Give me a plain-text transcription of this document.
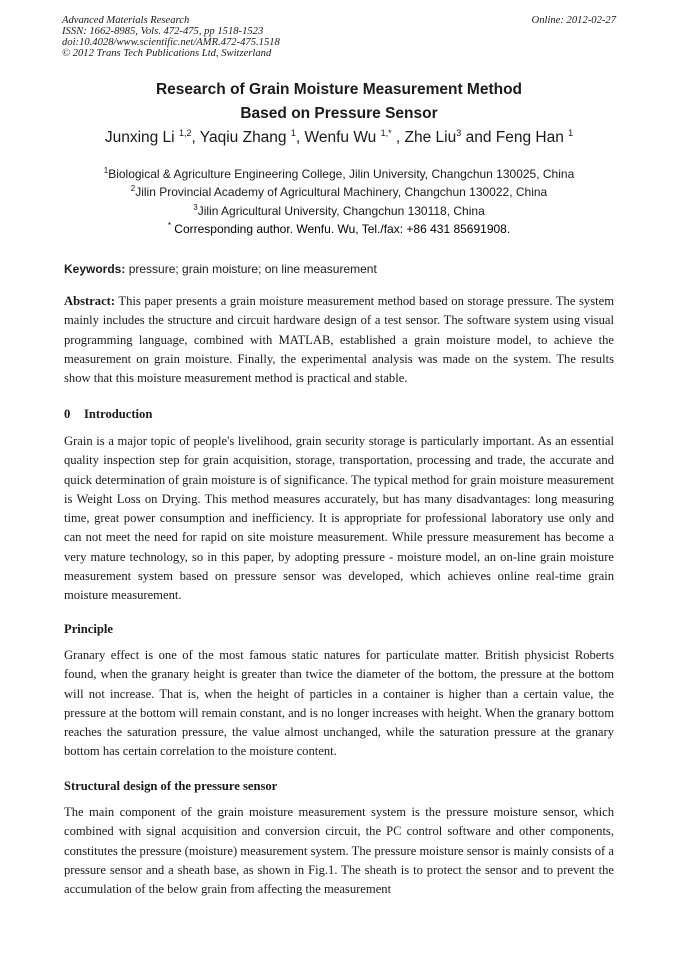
Advanced Materials Research
ISSN: 1662-8985, Vols. 472-475, pp 1518-1523
doi:10.4028/www.scientific.net/AMR.472-475.1518
© 2012 Trans Tech Publications Ltd, Switzerland
Online: 2012-02-27
Research of Grain Moisture Measurement Method
Based on Pressure Sensor
Junxing Li $^{1,2}$, Yaqiu Zhang $^1$, Wenfu Wu $^{1,*}$ , Zhe Liu$^3$ and Feng Han $^1$
$^1$Biological & Agriculture Engineering College, Jilin University, Changchun 130025, China
$^2$Jilin Provincial Academy of Agricultural Machinery, Changchun 130022, China
$^3$Jilin Agricultural University, Changchun 130118, China
* Corresponding author. Wenfu. Wu, Tel./fax: +86 431 85691908.
Keywords: pressure; grain moisture; on line measurement
Abstract: This paper presents a grain moisture measurement method based on storage pressure. The system mainly includes the structure and circuit hardware design of a test sensor. The software system using visual programming language, combined with MATLAB, established a grain moisture model, to achieve the measurement on grain moisture. Finally, the experimental analysis was made on the system. The results show that this moisture measurement method is practical and stable.
0 Introduction
Grain is a major topic of people's livelihood, grain security storage is particularly important. As an essential quality inspection step for grain acquisition, storage, transportation, processing and trade, the accurate and quick determination of grain moisture is of significance. The typical method for grain moisture measurement is Weight Loss on Drying. This method measures accurately, but has many disadvantages: long measuring time, great power consumption and inefficiency. It is appropriate for professional laboratory use only and can not meet the need for rapid on site moisture measurement. While pressure measurement has become a very mature technology, so in this paper, by adopting pressure - moisture model, an on-line grain moisture measurement system based on pressure sensor was developed, which achieves online real-time grain moisture measurement.
Principle
Granary effect is one of the most famous static natures for particulate matter. British physicist Roberts found, when the granary height is greater than twice the diameter of the bottom, the pressure at the bottom will not increase. That is, when the height of particles in a container is higher than a certain value, the pressure at the bottom will remain constant, and is no longer increases with height. When the granary bottom reaches the saturation pressure, the value almost unchanged, while the saturation pressure at the granary bottom has certain correlation to the moisture content.
Structural design of the pressure sensor
The main component of the grain moisture measurement system is the pressure moisture sensor, which combined with signal acquisition and conversion circuit, the PC control software and other components, constitutes the pressure (moisture) measurement system. The pressure moisture sensor is mainly consists of a pressure sensor and a sheath base, as shown in Fig.1. The sheath is to protect the sensor and to prevent the accumulation of the below grain from affecting the measurement
